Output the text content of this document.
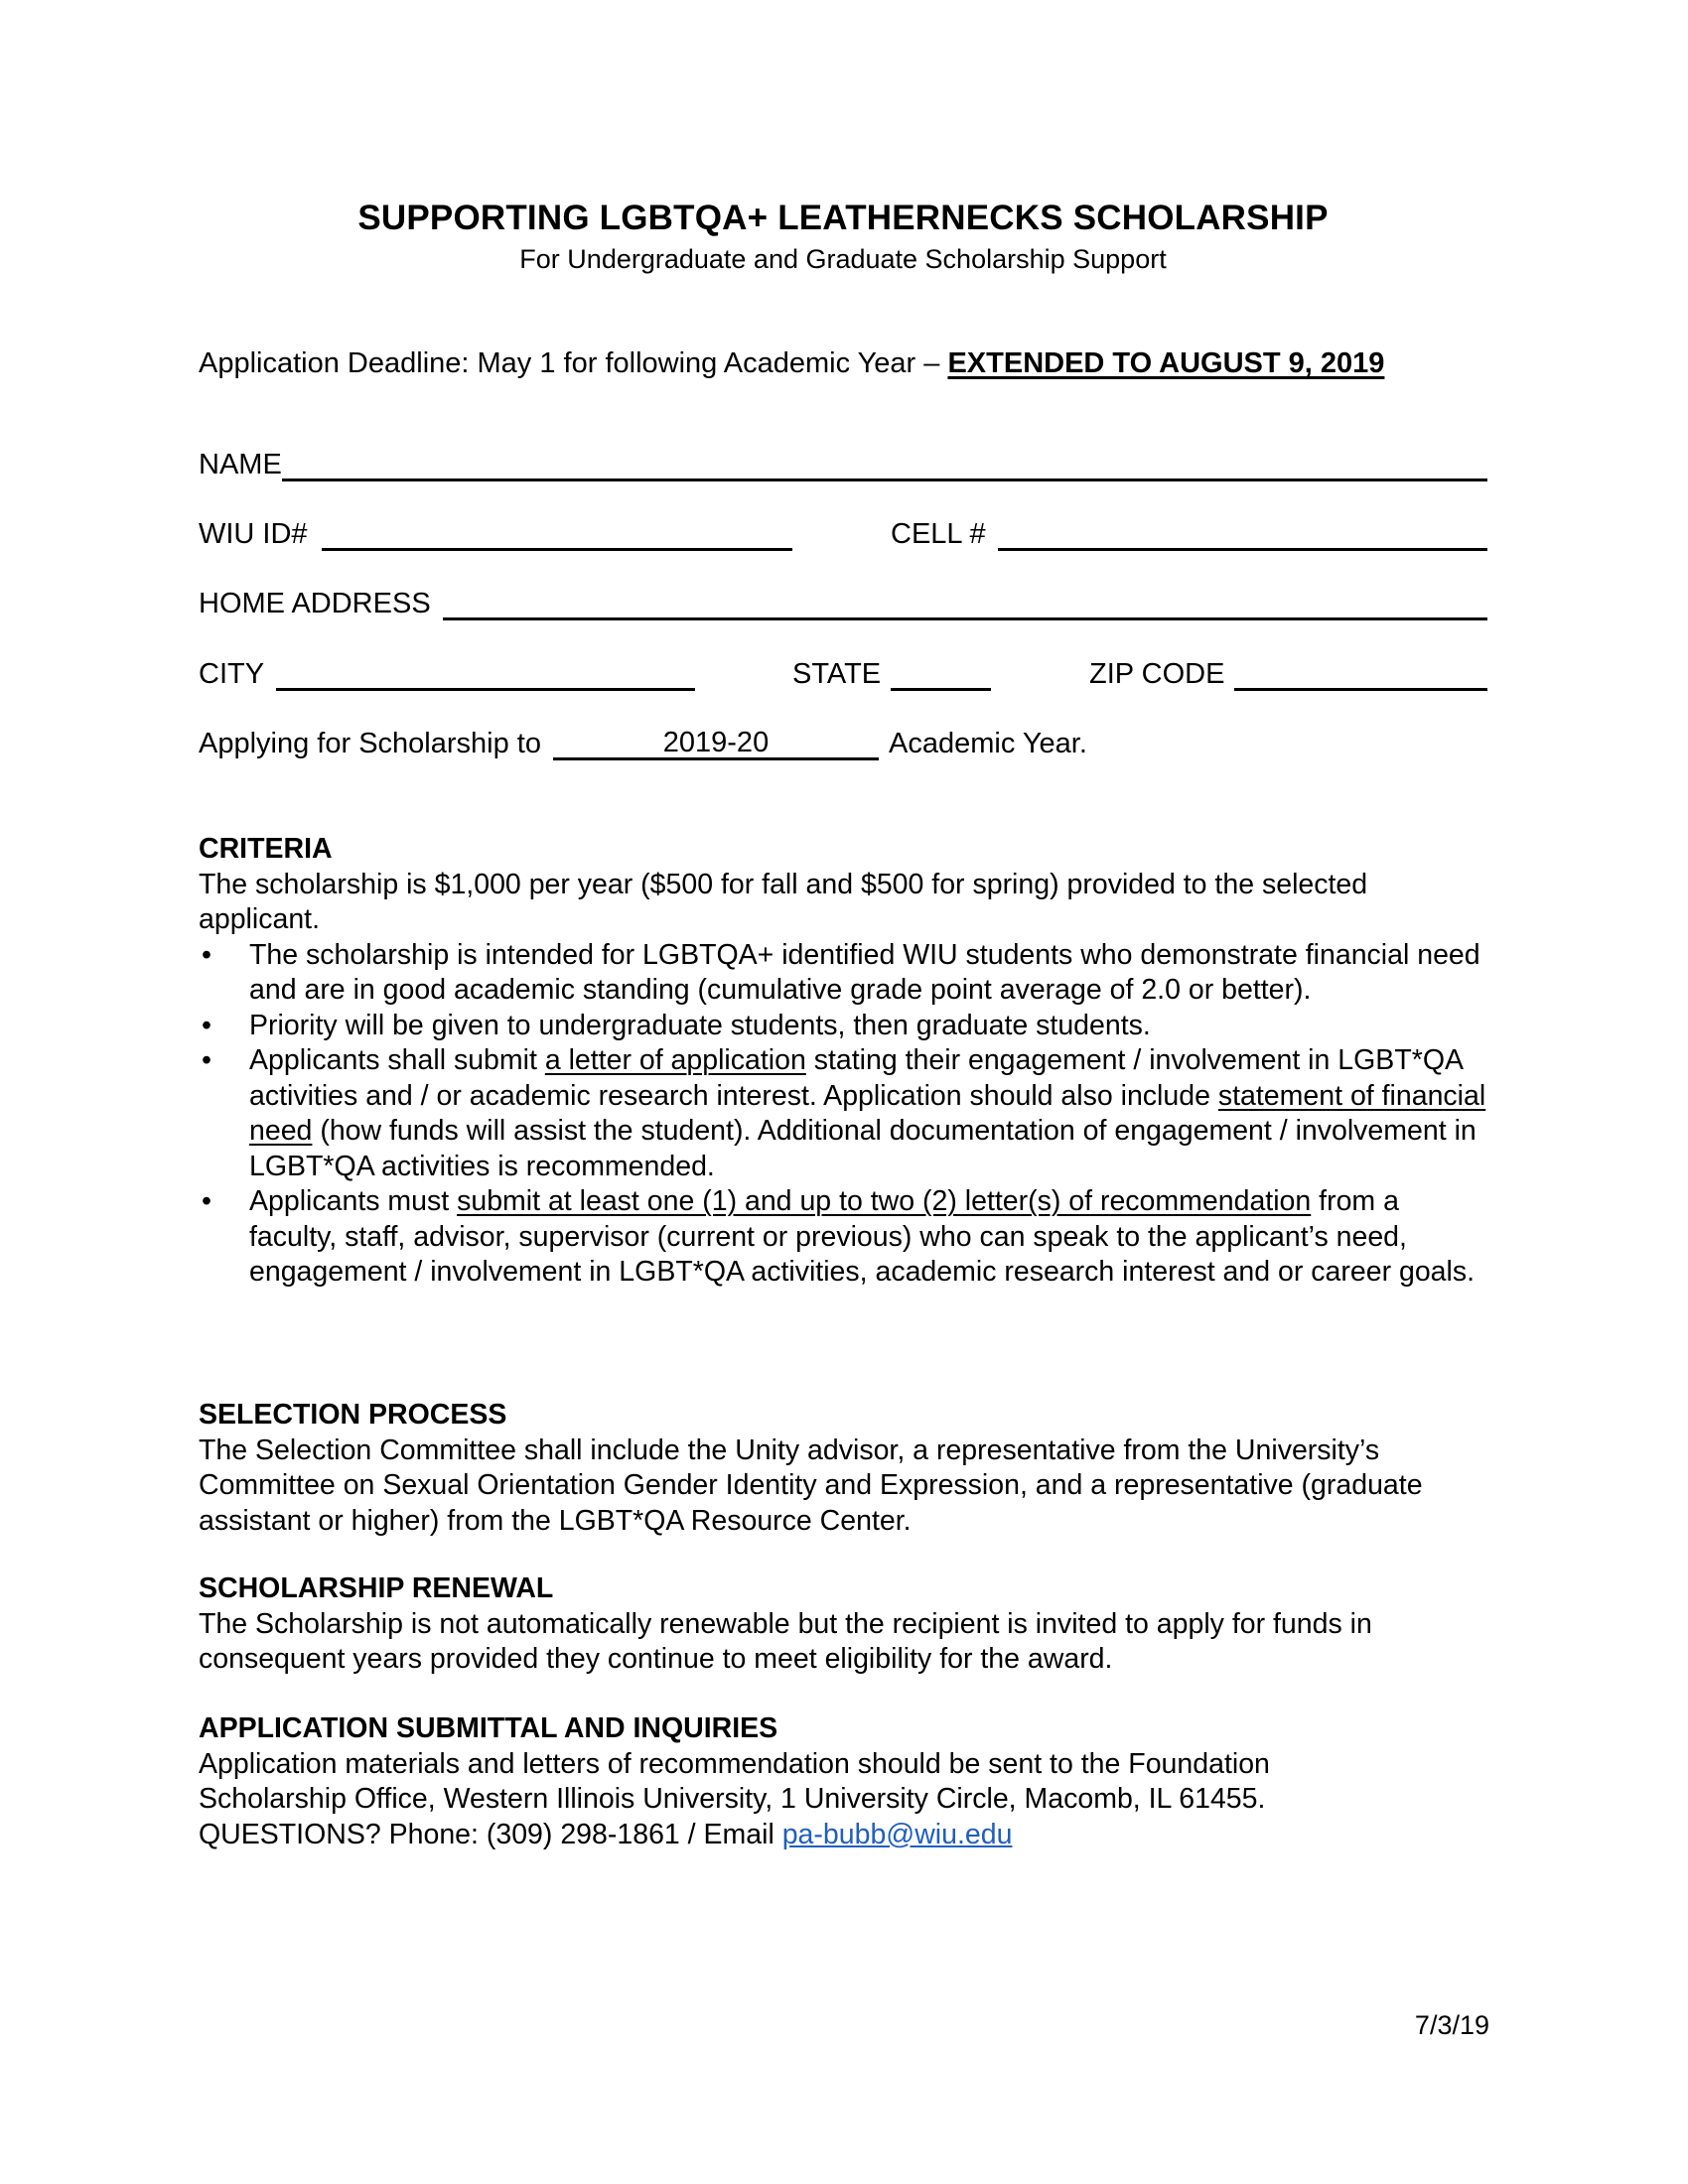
SUPPORTING LGBTQA+ LEATHERNECKS SCHOLARSHIP
For Undergraduate and Graduate Scholarship Support
Application Deadline: May 1 for following Academic Year – EXTENDED TO AUGUST 9, 2019
NAME
WIU ID#	CELL #
HOME ADDRESS
CITY	STATE	ZIP CODE
Applying for Scholarship to	2019-20	Academic Year.
CRITERIA

The scholarship is $1,000 per year ($500 for fall and $500 for spring) provided to the selected applicant.

• The scholarship is intended for LGBTQA+ identified WIU students who demonstrate financial need and are in good academic standing (cumulative grade point average of 2.0 or better).
• Priority will be given to undergraduate students, then graduate students.
• Applicants shall submit a letter of application stating their engagement / involvement in LGBT*QA activities and / or academic research interest. Application should also include statement of financial need (how funds will assist the student). Additional documentation of engagement / involvement in LGBT*QA activities is recommended.
• Applicants must submit at least one (1) and up to two (2) letter(s) of recommendation from a faculty, staff, advisor, supervisor (current or previous) who can speak to the applicant’s need, engagement / involvement in LGBT*QA activities, academic research interest and or career goals.
SELECTION PROCESS

The Selection Committee shall include the Unity advisor, a representative from the University’s Committee on Sexual Orientation Gender Identity and Expression, and a representative (graduate assistant or higher) from the LGBT*QA Resource Center.

SCHOLARSHIP RENEWAL

The Scholarship is not automatically renewable but the recipient is invited to apply for funds in consequent years provided they continue to meet eligibility for the award.

APPLICATION SUBMITTAL AND INQUIRIES

Application materials and letters of recommendation should be sent to the Foundation

Scholarship Office, Western Illinois University, 1 University Circle, Macomb, IL 61455.

QUESTIONS? Phone: (309) 298-1861 / Email pa-bubb@wiu.edu

7/3/19
